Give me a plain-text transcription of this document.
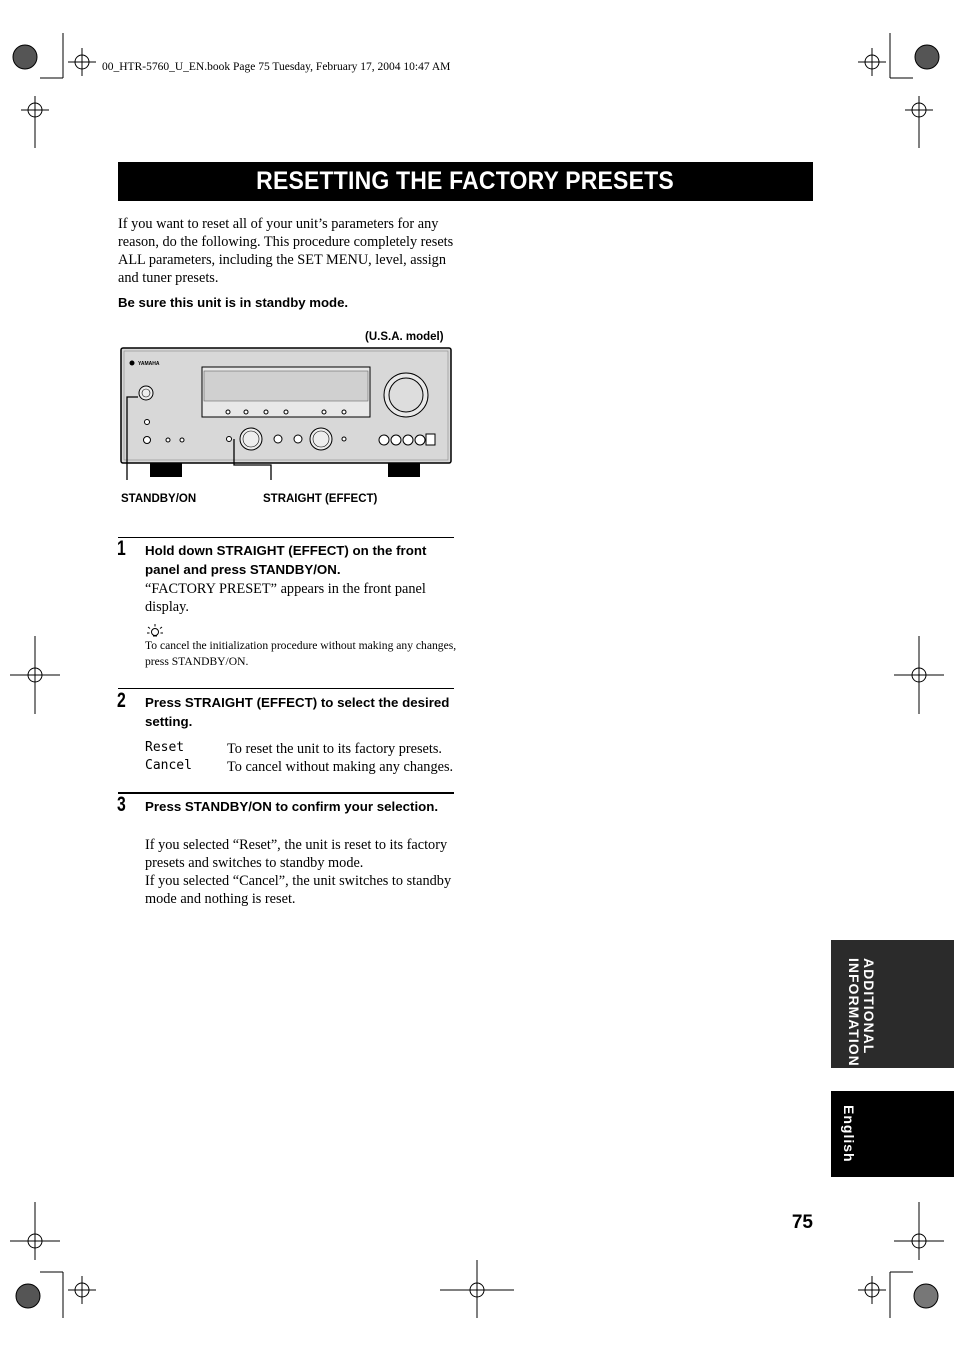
00_HTR-5760_U_EN.book Page 75 Tuesday, February 17, 2004 10:47 AM
RESETTING THE FACTORY PRESETS
If you want to reset all of your unit’s parameters for any reason, do the following. This procedure completely resets ALL parameters, including the SET MENU, level, assign and tuner presets.
Be sure this unit is in standby mode.
(U.S.A. model)
YAMAHA
STANDBY/ON	STRAIGHT (EFFECT)
1 Hold down STRAIGHT (EFFECT) on the front panel and press STANDBY/ON.
“FACTORY PRESET” appears in the front panel display.
To cancel the initialization procedure without making any changes, press STANDBY/ON.
2 Press STRAIGHT (EFFECT) to select the desired setting.
Reset	To reset the unit to its factory presets.
Cancel To cancel without making any changes.
3 Press STANDBY/ON to confirm your selection.
If you selected “Reset”, the unit is reset to its factory presets and switches to standby mode.
If you selected “Cancel”, the unit switches to standby mode and nothing is reset.
ADDITIONAL INFORMATION
English
75
